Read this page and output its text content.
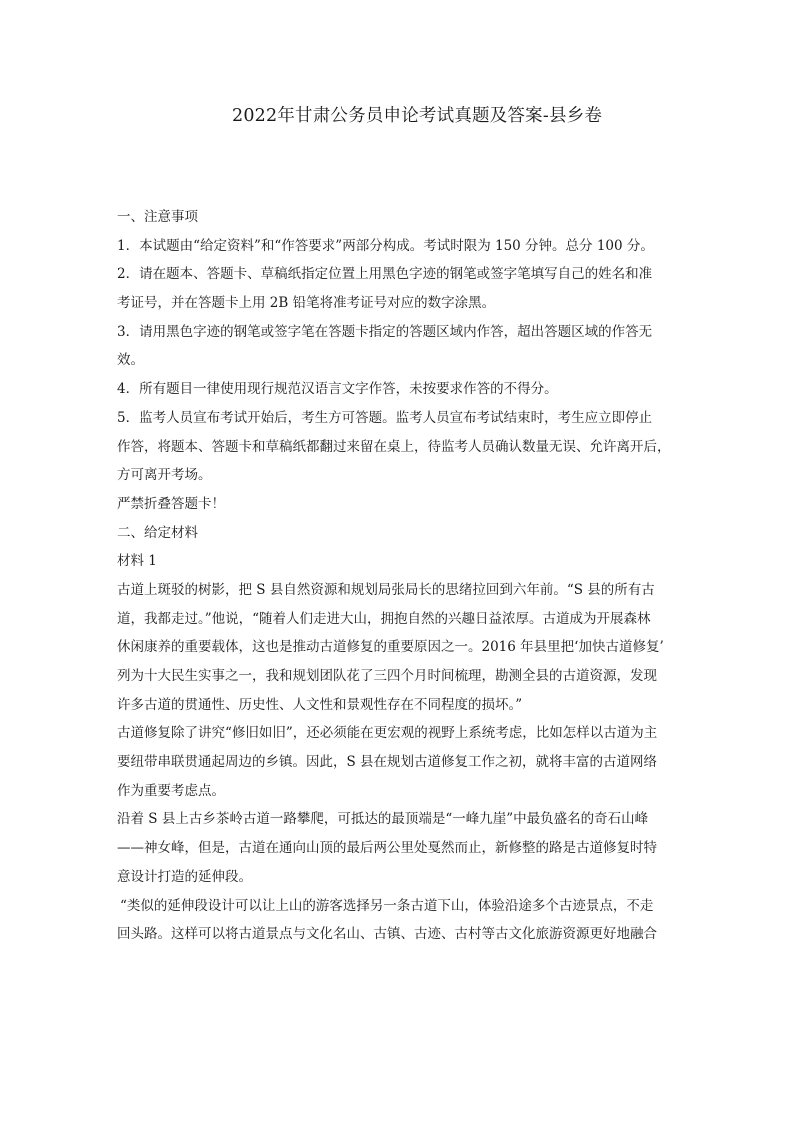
2022年甘肃公务员申论考试真题及答案-县乡卷
一、注意事项
1．本试题由“给定资料”和“作答要求”两部分构成。考试时限为 150 分钟。总分 100 分。
2．请在题本、答题卡、草稿纸指定位置上用黑色字迹的钢笔或签字笔填写自己的姓名和准
考证号，并在答题卡上用 2B 铅笔将准考证号对应的数字涂黑。
3．请用黑色字迹的钢笔或签字笔在答题卡指定的答题区域内作答，超出答题区域的作答无
效。
4．所有题目一律使用现行规范汉语言文字作答，未按要求作答的不得分。
5．监考人员宣布考试开始后，考生方可答题。监考人员宣布考试结束时，考生应立即停止
作答，将题本、答题卡和草稿纸都翻过来留在桌上，待监考人员确认数量无误、允许离开后，
方可离开考场。
严禁折叠答题卡！
二、给定材料
材料 1
古道上斑驳的树影，把 S 县自然资源和规划局张局长的思绪拉回到六年前。“S 县的所有古
道，我都走过。”他说，“随着人们走进大山，拥抱自然的兴趣日益浓厚。古道成为开展森林
休闲康养的重要载体，这也是推动古道修复的重要原因之一。2016 年县里把‘加快古道修复’
列为十大民生实事之一，我和规划团队花了三四个月时间梳理，勘测全县的古道资源，发现
许多古道的贯通性、历史性、人文性和景观性存在不同程度的损坏。”
古道修复除了讲究“修旧如旧”，还必须能在更宏观的视野上系统考虑，比如怎样以古道为主
要纽带串联贯通起周边的乡镇。因此，S 县在规划古道修复工作之初，就将丰富的古道网络
作为重要考虑点。
沿着 S 县上古乡茶岭古道一路攀爬，可抵达的最顶端是“一峰九崖”中最负盛名的奇石山峰
——神女峰，但是，古道在通向山顶的最后两公里处戛然而止，新修整的路是古道修复时特
意设计打造的延伸段。
“类似的延伸段设计可以让上山的游客选择另一条古道下山，体验沿途多个古迹景点，不走
回头路。这样可以将古道景点与文化名山、古镇、古迹、古村等古文化旅游资源更好地融合
